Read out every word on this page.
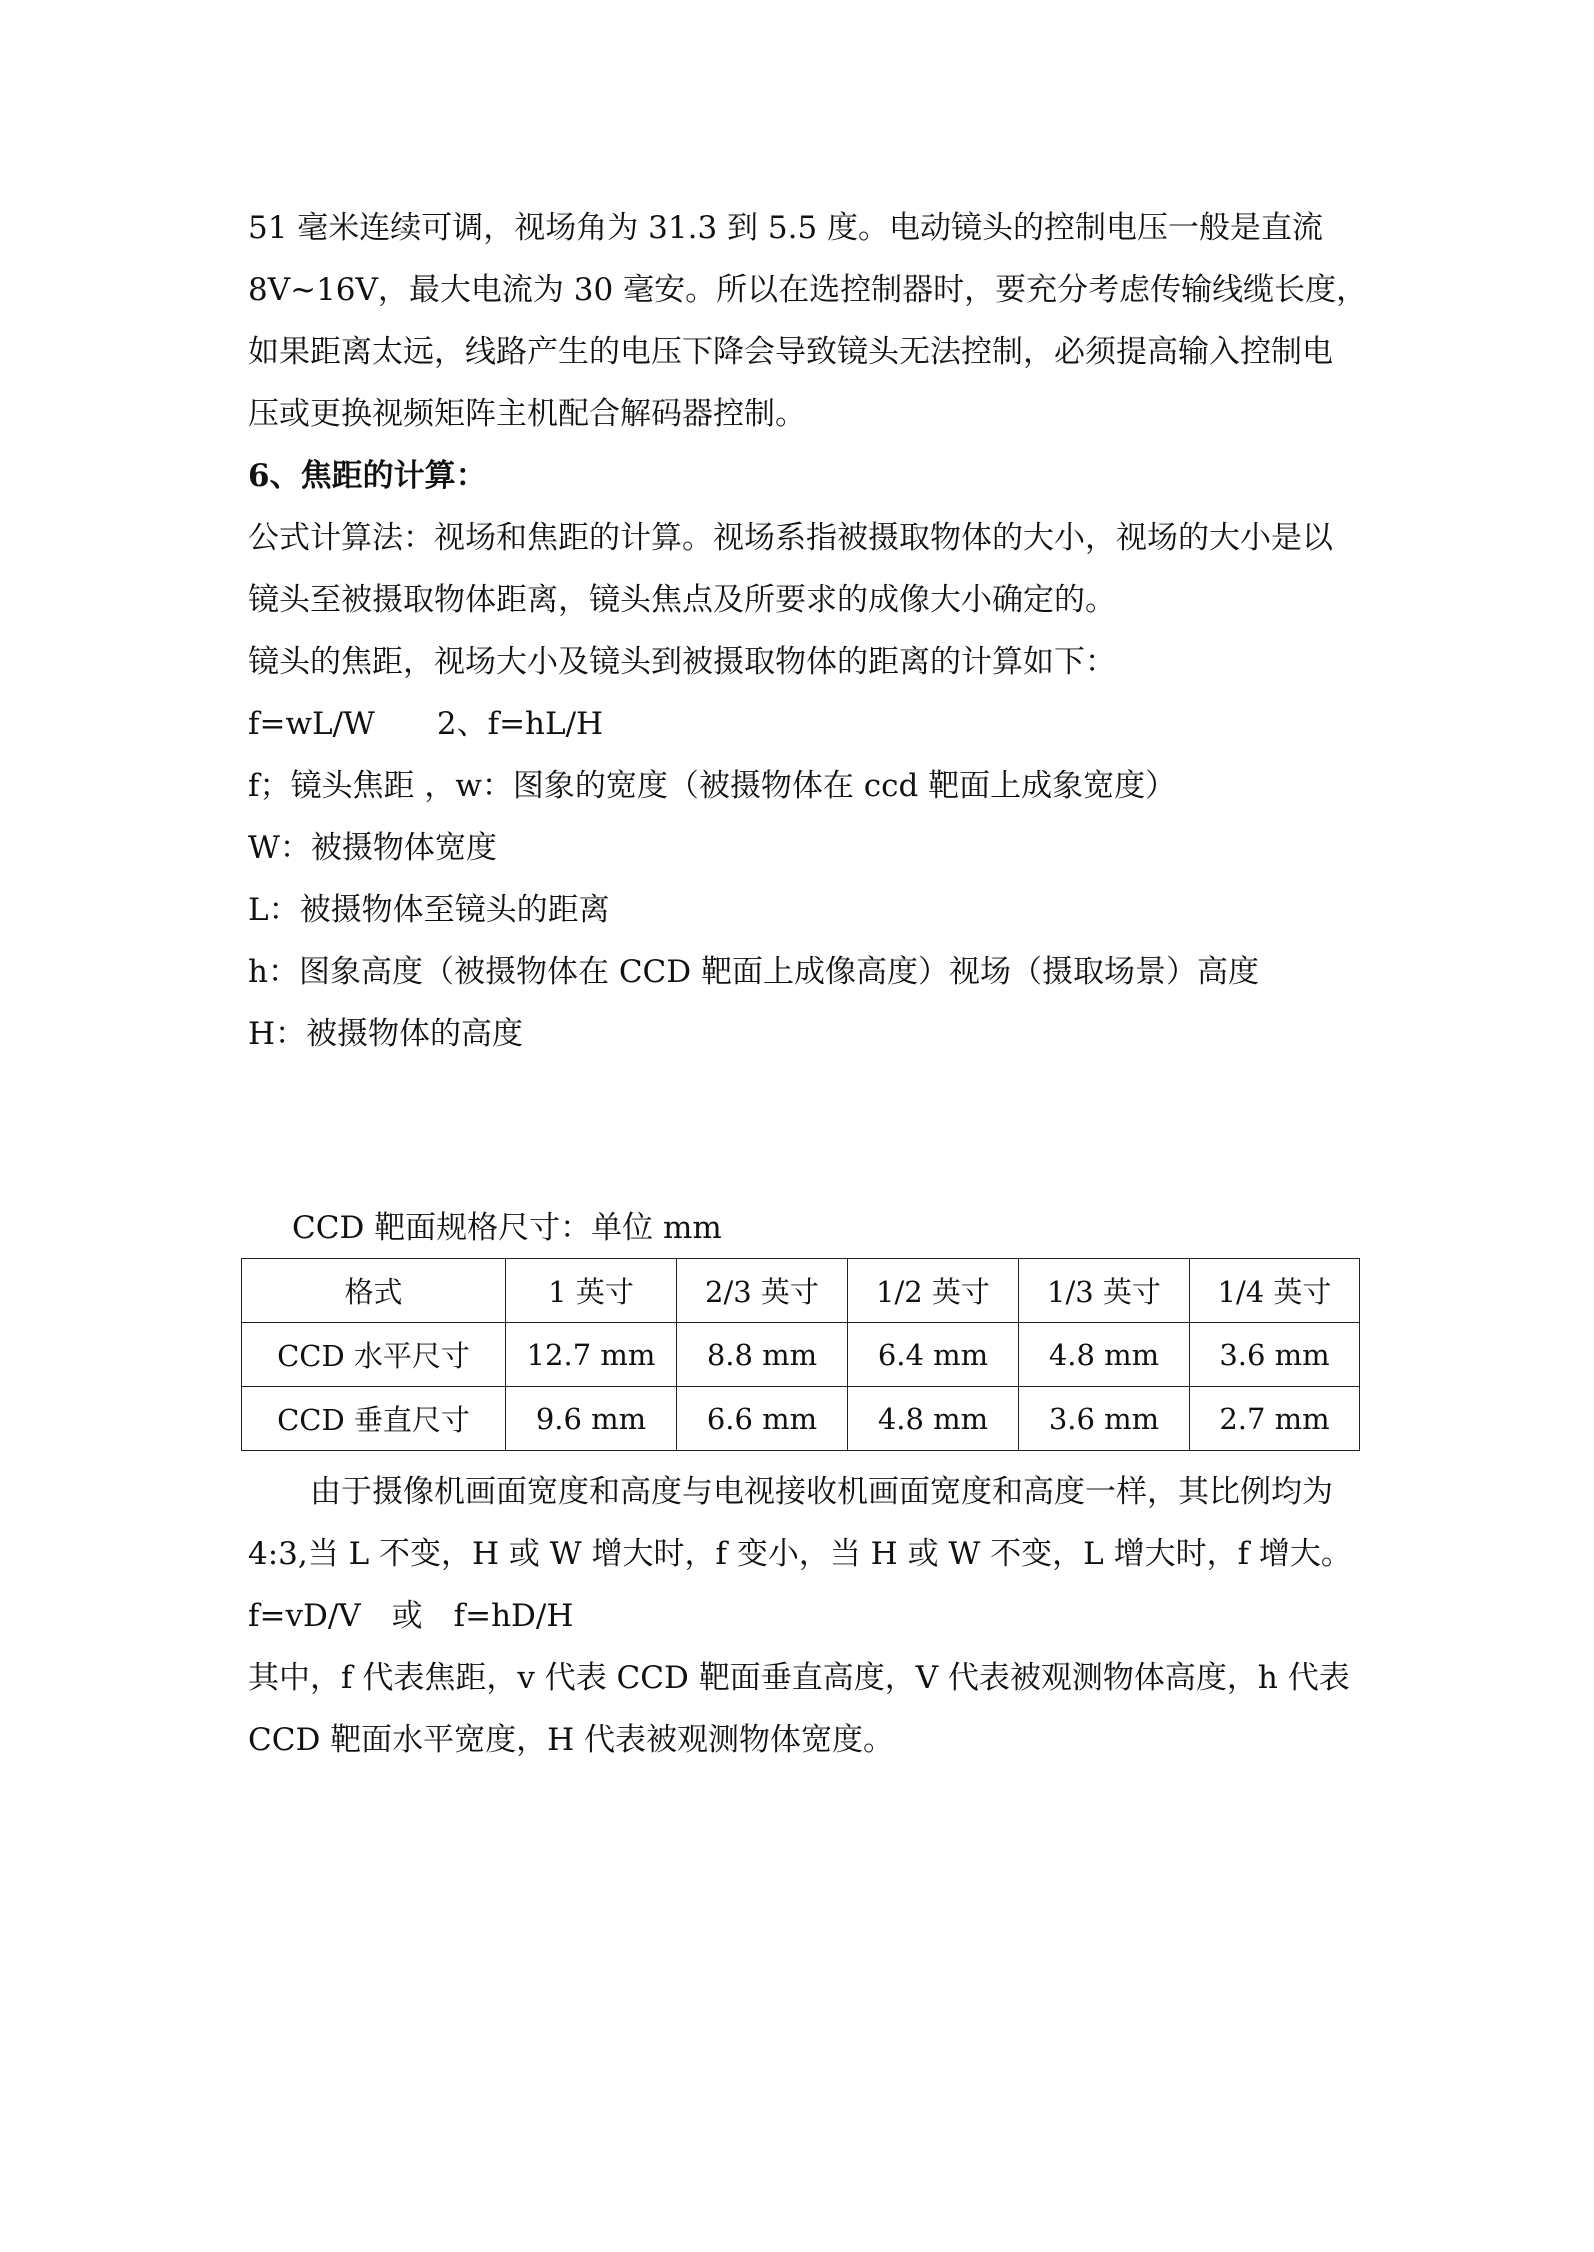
51 毫米连续可调，视场角为 31.3 到 5.5 度。电动镜头的控制电压一般是直流
8V~16V，最大电流为 30 毫安。所以在选控制器时，要充分考虑传输线缆长度，
如果距离太远，线路产生的电压下降会导致镜头无法控制，必须提高输入控制电
压或更换视频矩阵主机配合解码器控制。
6、焦距的计算：
公式计算法：视场和焦距的计算。视场系指被摄取物体的大小，视场的大小是以
镜头至被摄取物体距离，镜头焦点及所要求的成像大小确定的。
镜头的焦距，视场大小及镜头到被摄取物体的距离的计算如下：
f=wL/W　　2、f=hL/H
f；镜头焦距 ，w：图象的宽度（被摄物体在 ccd 靶面上成象宽度）
W：被摄物体宽度
L：被摄物体至镜头的距离
h：图象高度（被摄物体在 CCD 靶面上成像高度）视场（摄取场景）高度
H：被摄物体的高度
CCD 靶面规格尺寸：单位 mm
格式	1 英寸	2/3 英寸	1/2 英寸	1/3 英寸	1/4 英寸
CCD 水平尺寸	12.7 mm	8.8 mm	6.4 mm	4.8 mm	3.6 mm
CCD 垂直尺寸	9.6 mm	6.6 mm	4.8 mm	3.6 mm	2.7 mm
由于摄像机画面宽度和高度与电视接收机画面宽度和高度一样，其比例均为
4:3,当 L 不变，H 或 W 增大时，f 变小，当 H 或 W 不变，L 增大时，f 增大。
f=vD/V　或　f=hD/H
其中，f 代表焦距，v 代表 CCD 靶面垂直高度，V 代表被观测物体高度，h 代表
CCD 靶面水平宽度，H 代表被观测物体宽度。
